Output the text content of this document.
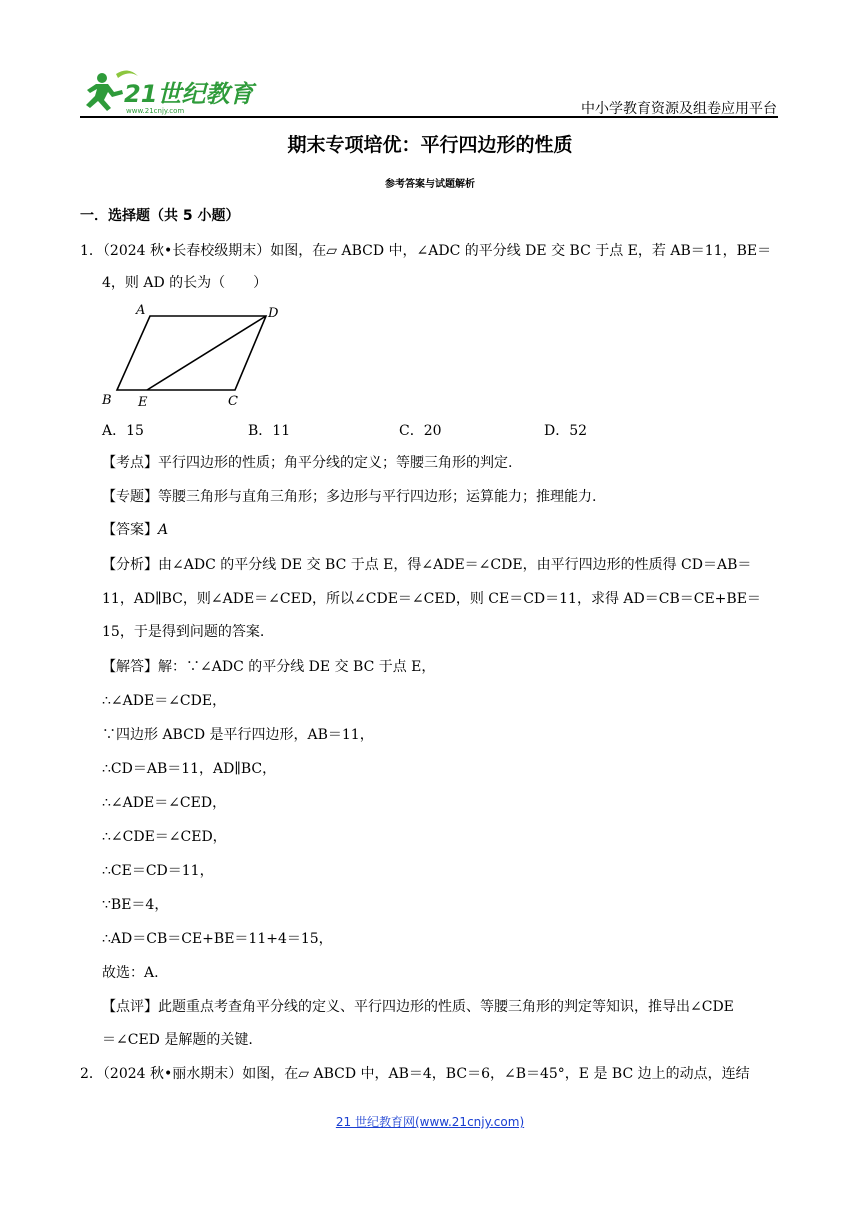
21世纪教育
www.21cnjy.com	中小学教育资源及组卷应用平台
期末专项培优：平行四边形的性质
参考答案与试题解析
一．选择题（共 5 小题）
1．（2024 秋•长春校级期末）如图，在▱ ABCD 中，∠ADC 的平分线 DE 交 BC 于点 E，若 AB＝11，BE＝
4，则 AD 的长为（　　）
A	D
B E	C
A．15	B．11	C．20	D．52
【考点】平行四边形的性质；角平分线的定义；等腰三角形的判定.
【专题】等腰三角形与直角三角形；多边形与平行四边形；运算能力；推理能力.
【答案】A
【分析】由∠ADC 的平分线 DE 交 BC 于点 E，得∠ADE＝∠CDE，由平行四边形的性质得 CD＝AB＝
11，AD∥BC，则∠ADE＝∠CED，所以∠CDE＝∠CED，则 CE＝CD＝11，求得 AD＝CB＝CE+BE＝
15，于是得到问题的答案.
【解答】解：∵∠ADC 的平分线 DE 交 BC 于点 E，
∴∠ADE＝∠CDE，
∵四边形 ABCD 是平行四边形，AB＝11，
∴CD＝AB＝11，AD∥BC，
∴∠ADE＝∠CED，
∴∠CDE＝∠CED，
∴CE＝CD＝11，
∵BE＝4，
∴AD＝CB＝CE+BE＝11+4＝15，
故选：A.
【点评】此题重点考查角平分线的定义、平行四边形的性质、等腰三角形的判定等知识，推导出∠CDE
＝∠CED 是解题的关键.
2．（2024 秋•丽水期末）如图，在▱ ABCD 中，AB＝4，BC＝6，∠B＝45°，E 是 BC 边上的动点，连结
21 世纪教育网(www.21cnjy.com)
